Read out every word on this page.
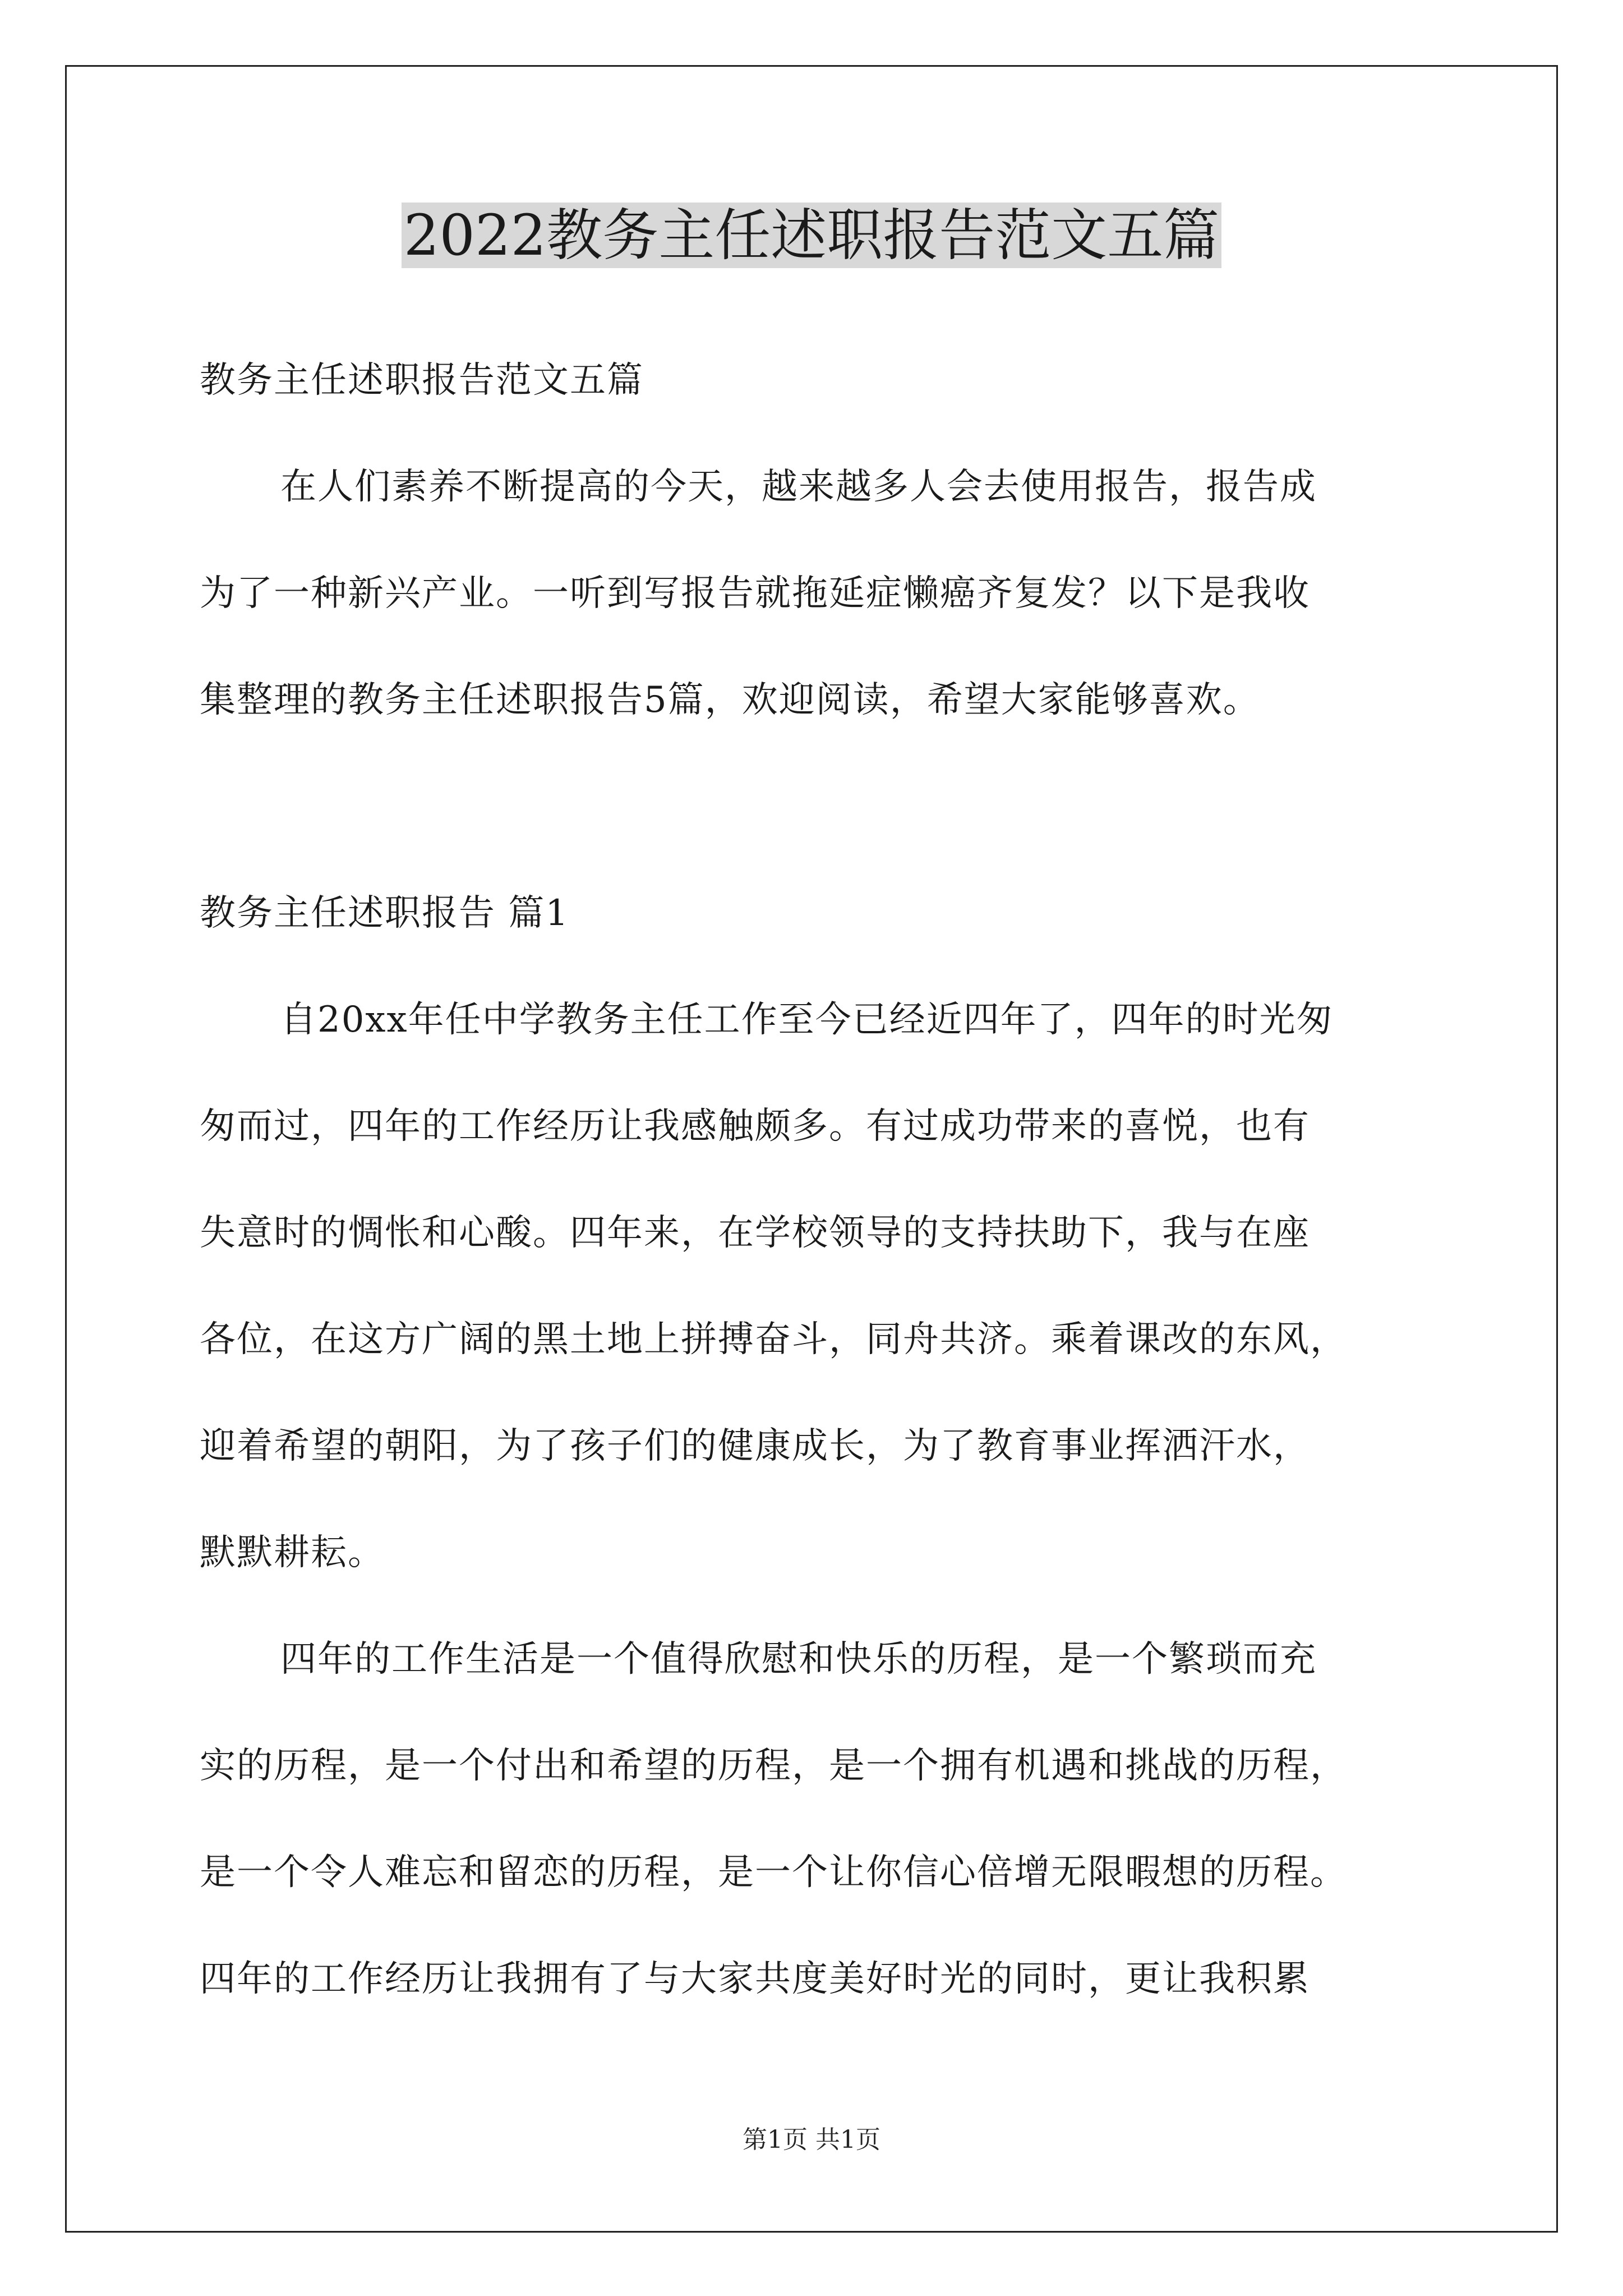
2022教务主任述职报告范文五篇
教务主任述职报告范文五篇
在人们素养不断提高的今天，越来越多人会去使用报告，报告成
为了一种新兴产业。一听到写报告就拖延症懒癌齐复发？以下是我收
集整理的教务主任述职报告5篇，欢迎阅读，希望大家能够喜欢。
教务主任述职报告 篇1
自20xx年任中学教务主任工作至今已经近四年了，四年的时光匆
匆而过，四年的工作经历让我感触颇多。有过成功带来的喜悦，也有
失意时的惆怅和心酸。四年来，在学校领导的支持扶助下，我与在座
各位，在这方广阔的黑土地上拼搏奋斗，同舟共济。乘着课改的东风，
迎着希望的朝阳，为了孩子们的健康成长，为了教育事业挥洒汗水，
默默耕耘。
四年的工作生活是一个值得欣慰和快乐的历程，是一个繁琐而充
实的历程，是一个付出和希望的历程，是一个拥有机遇和挑战的历程，
是一个令人难忘和留恋的历程，是一个让你信心倍增无限暇想的历程。
四年的工作经历让我拥有了与大家共度美好时光的同时，更让我积累
第1页 共1页
